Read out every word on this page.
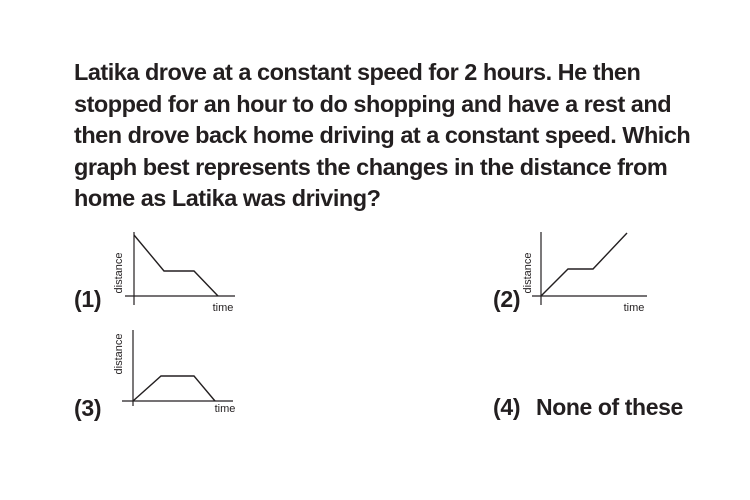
Latika drove at a constant speed for 2 hours. He then stopped for an hour to do shopping and have a rest and then drove back home driving at a constant speed. Which graph best represents the changes in the distance from home as Latika was driving?

(1)
distance
time	(2)
distance
time
(3)
distance
time	(4) None of these
